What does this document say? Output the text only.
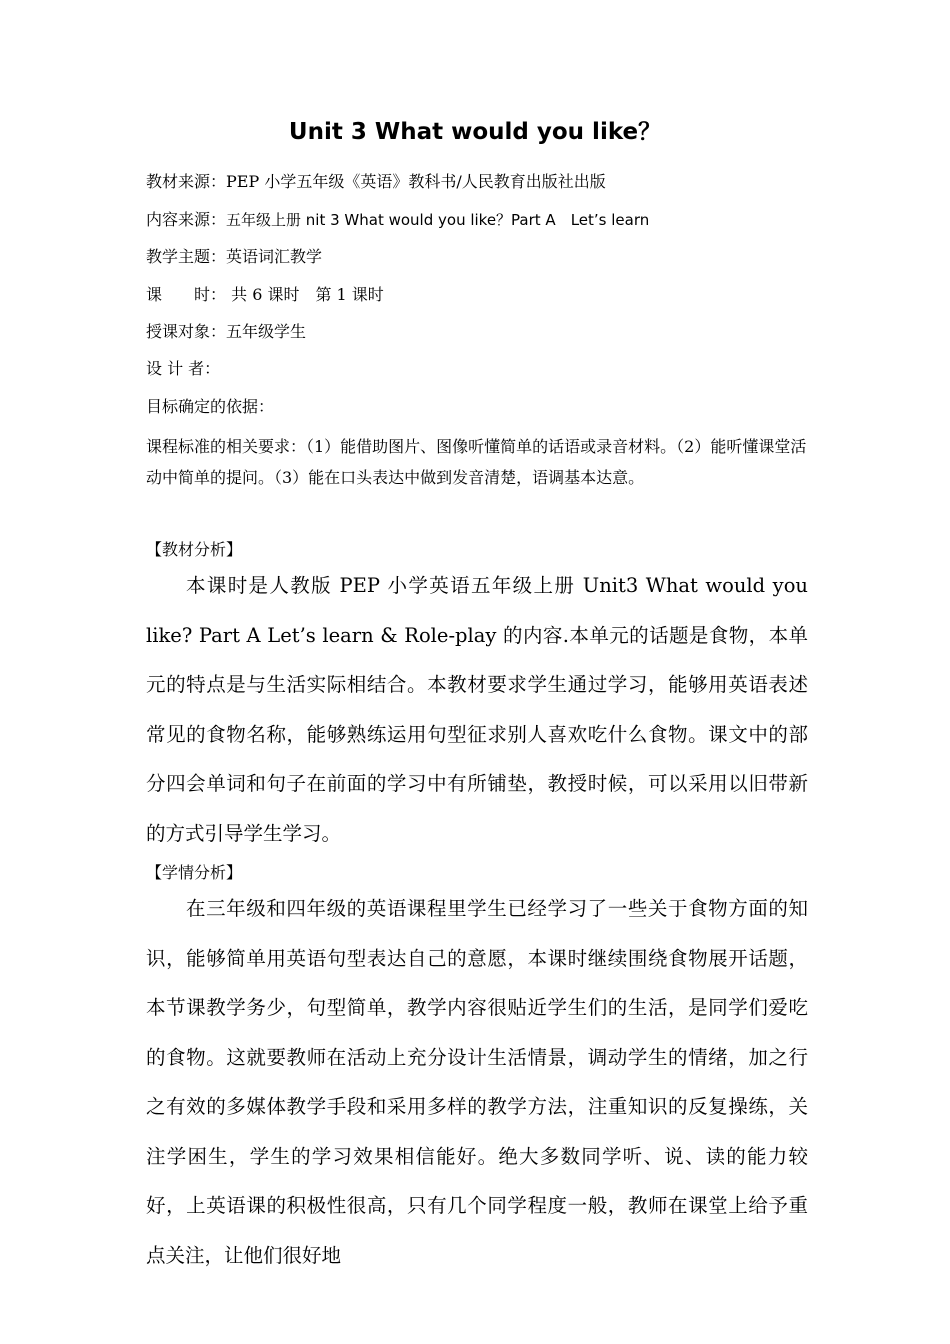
Unit 3 What would you like？
教材来源：PEP 小学五年级《英语》教科书/人民教育出版社出版
内容来源：五年级上册 nit 3 What would you like？Part A　Let’s learn
教学主题：英语词汇教学
课　　时： 共 6 课时　第 1 课时
授课对象：五年级学生
设 计 者：
目标确定的依据：
课程标准的相关要求：（1）能借助图片、图像听懂简单的话语或录音材料。（2）能听懂课堂活动中简单的提问。（3）能在口头表达中做到发音清楚，语调基本达意。
【教材分析】
本课时是人教版 PEP 小学英语五年级上册 Unit3 What would you like? Part A Let’s learn & Role-play 的内容.本单元的话题是食物，本单元的特点是与生活实际相结合。本教材要求学生通过学习，能够用英语表述常见的食物名称，能够熟练运用句型征求别人喜欢吃什么食物。课文中的部分四会单词和句子在前面的学习中有所铺垫，教授时候，可以采用以旧带新的方式引导学生学习。
【学情分析】
在三年级和四年级的英语课程里学生已经学习了一些关于食物方面的知识，能够简单用英语句型表达自己的意愿，本课时继续围绕食物展开话题，本节课教学务少，句型简单，教学内容很贴近学生们的生活，是同学们爱吃的食物。这就要教师在活动上充分设计生活情景，调动学生的情绪，加之行之有效的多媒体教学手段和采用多样的教学方法，注重知识的反复操练，关注学困生，学生的学习效果相信能好。绝大多数同学听、说、读的能力较好，上英语课的积极性很高，只有几个同学程度一般，教师在课堂上给予重点关注，让他们很好地
